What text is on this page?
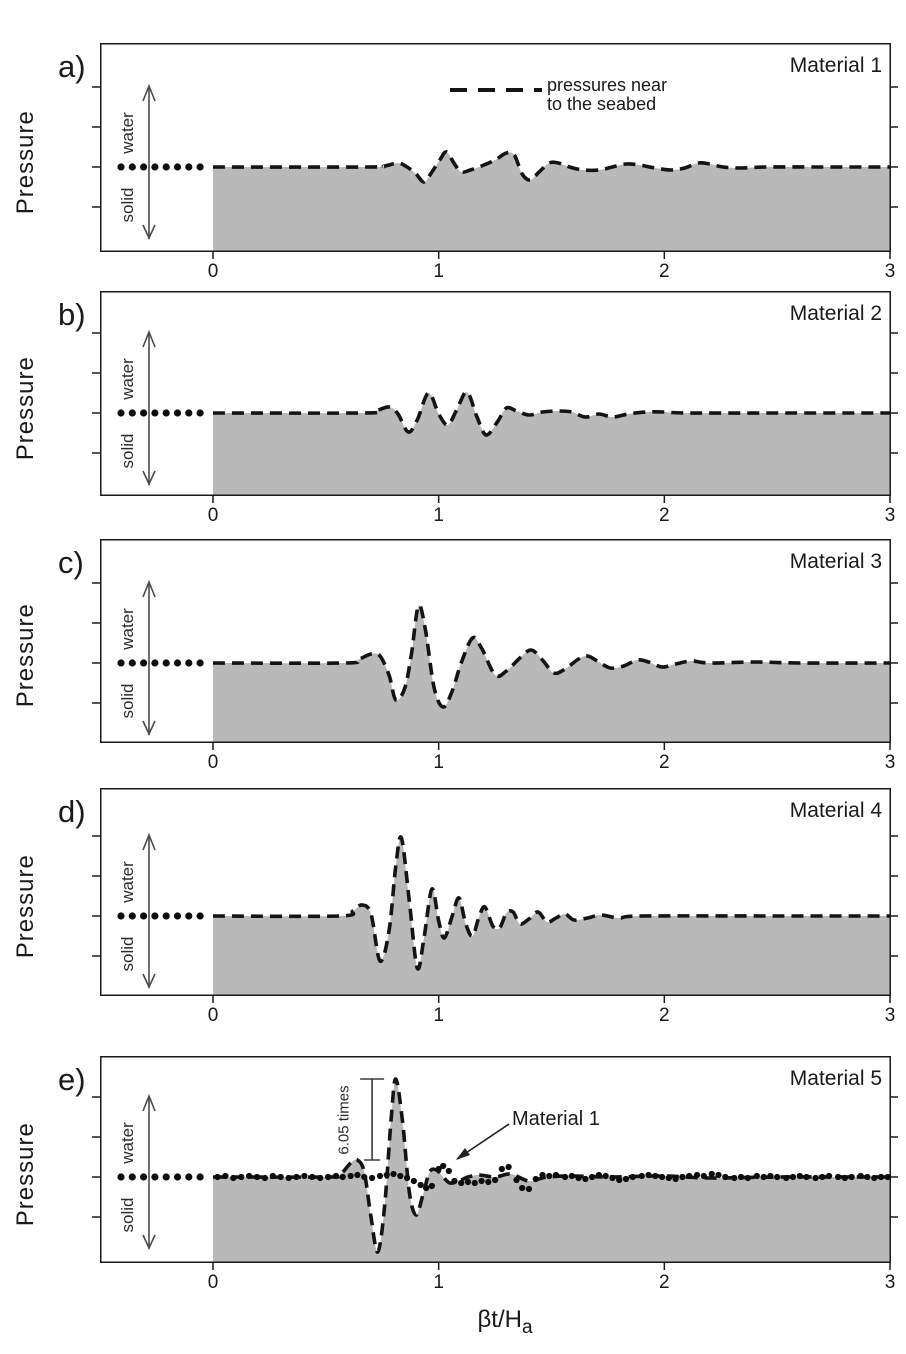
a)
Pressure
Material 1
water
solid
pressures near
to the seabed
0	1	2	3
b)
Pressure
Material 2
water
solid
0	1	2	3
c)
Pressure
Material 3
water
solid
0	1	2	3
d)
Pressure
Material 4
water
solid
0	1	2	3
e)
Pressure
Material 5
water
solid
6.05 times	Material 1
0	1	2	3
$\beta t/H_a$
